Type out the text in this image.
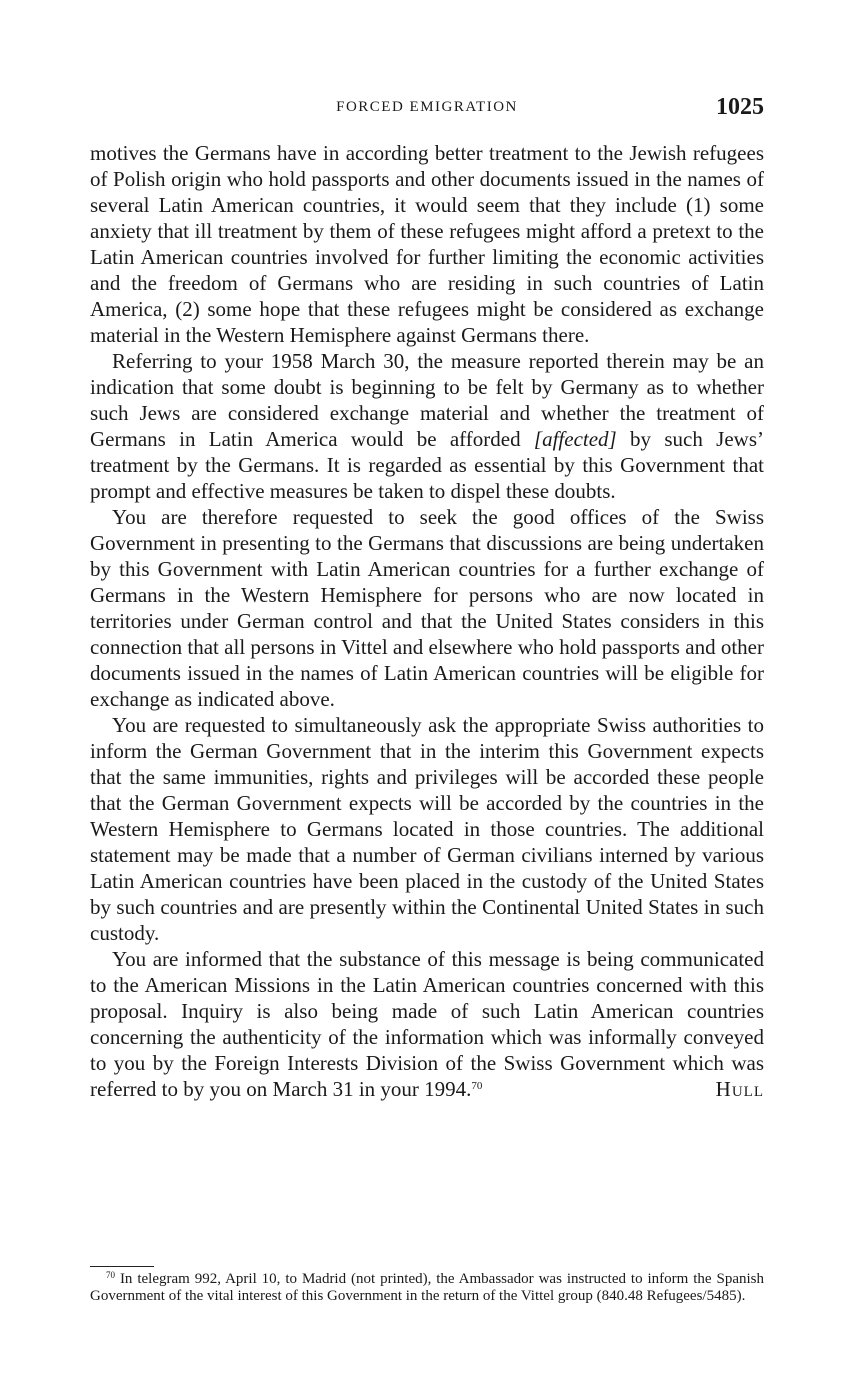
FORCED EMIGRATION	1025

motives the Germans have in according better treatment to the Jewish refugees of Polish origin who hold passports and other documents issued in the names of several Latin American countries, it would seem that they include (1) some anxiety that ill treatment by them of these refugees might afford a pretext to the Latin American countries involved for further limiting the economic activities and the freedom of Germans who are residing in such countries of Latin America, (2) some hope that these refugees might be considered as exchange material in the Western Hemisphere against Germans there.

Referring to your 1958 March 30, the measure reported therein may be an indication that some doubt is beginning to be felt by Germany as to whether such Jews are considered exchange material and whether the treatment of Germans in Latin America would be afforded [affected] by such Jews’ treatment by the Germans. It is regarded as essential by this Government that prompt and effective measures be taken to dispel these doubts.

You are therefore requested to seek the good offices of the Swiss Government in presenting to the Germans that discussions are being undertaken by this Government with Latin American countries for a further exchange of Germans in the Western Hemisphere for persons who are now located in territories under German control and that the United States considers in this connection that all persons in Vittel and elsewhere who hold passports and other documents issued in the names of Latin American countries will be eligible for exchange as indicated above.

You are requested to simultaneously ask the appropriate Swiss authorities to inform the German Government that in the interim this Government expects that the same immunities, rights and privileges will be accorded these people that the German Government expects will be accorded by the countries in the Western Hemisphere to Germans located in those countries. The additional statement may be made that a number of German civilians interned by various Latin American countries have been placed in the custody of the United States by such countries and are presently within the Continental United States in such custody.

You are informed that the substance of this message is being communicated to the American Missions in the Latin American countries concerned with this proposal. Inquiry is also being made of such Latin American countries concerning the authenticity of the information which was informally conveyed to you by the Foreign Interests Division of the Swiss Government which was referred to by you on March 31 in your 1994.70	Hull

$^{70}$ In telegram 992, April 10, to Madrid (not printed), the Ambassador was instructed to inform the Spanish Government of the vital interest of this Government in the return of the Vittel group (840.48 Refugees/5485).
